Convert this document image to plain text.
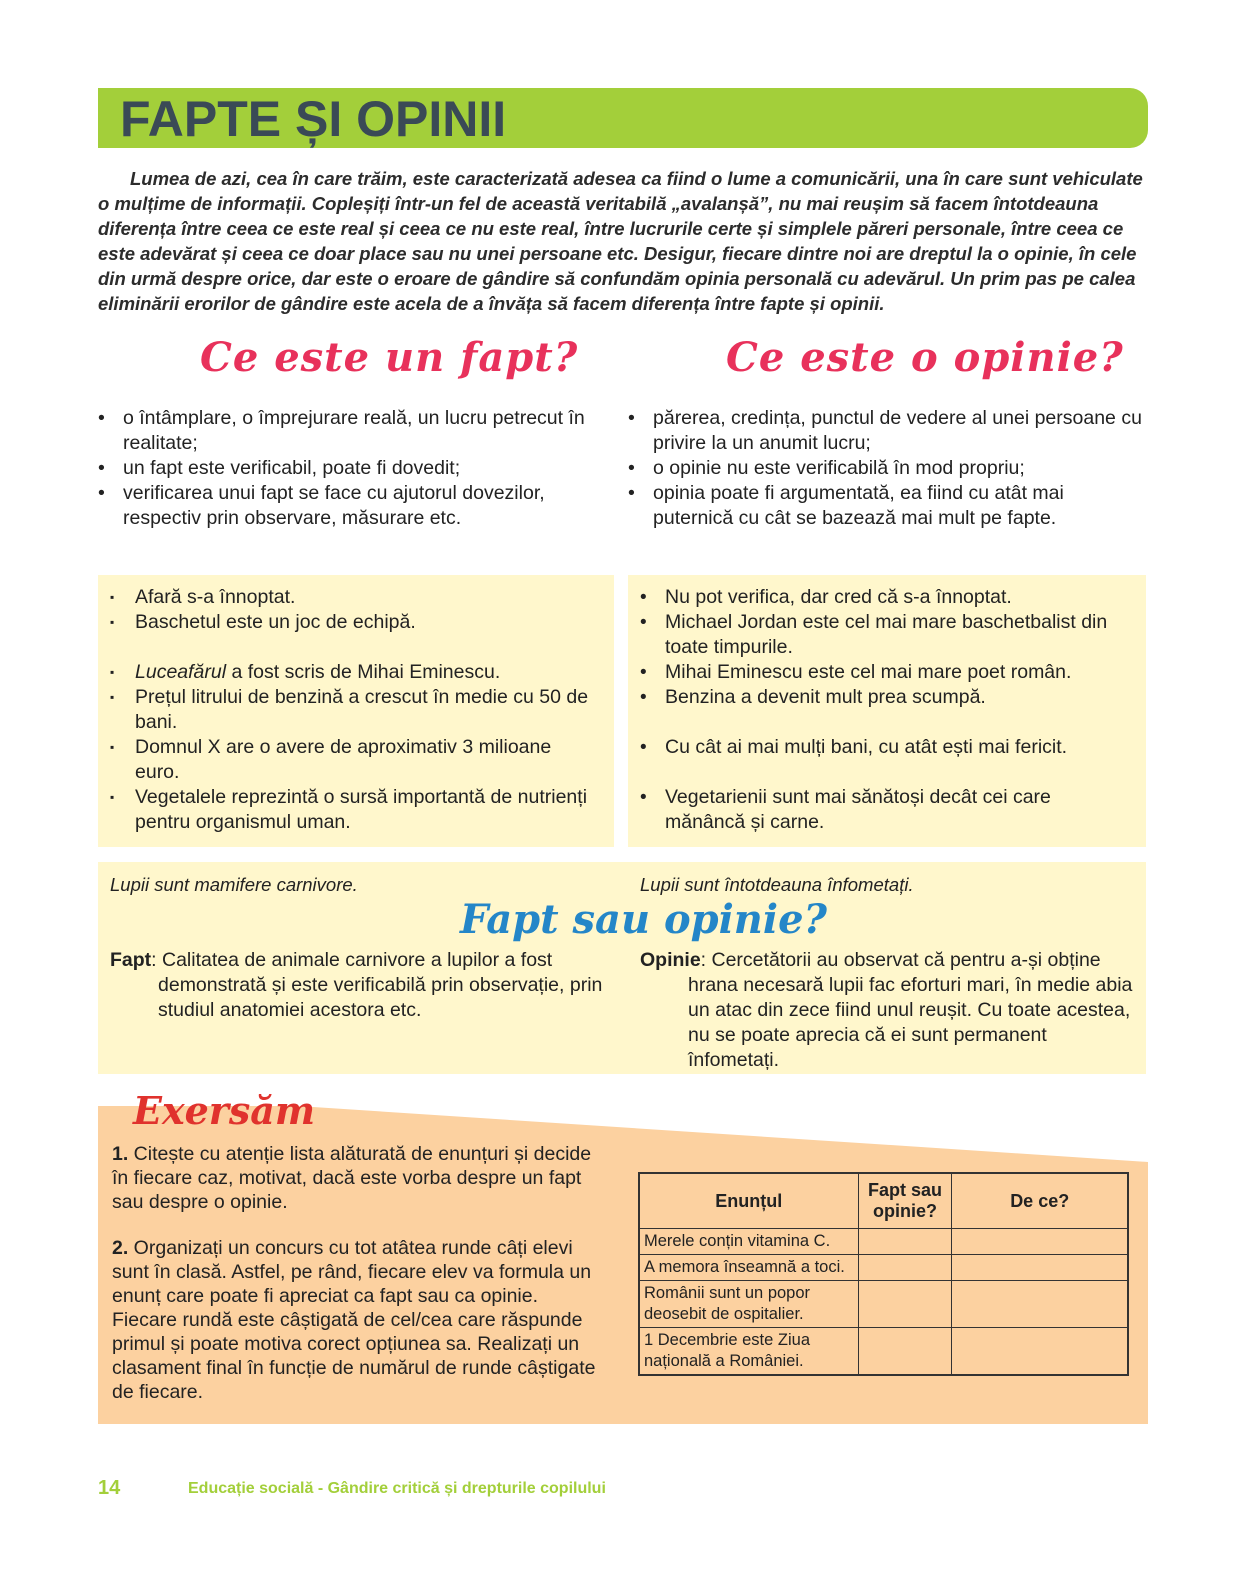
FAPTE ȘI OPINII

Lumea de azi, cea în care trăim, este caracterizată adesea ca fiind o lume a comunicării, una în care sunt vehiculate o mulțime de informații. Copleșiți într-un fel de această veritabilă „avalanșă”, nu mai reușim să facem întotdeauna diferența între ceea ce este real și ceea ce nu este real, între lucrurile certe și simplele păreri personale, între ceea ce este adevărat și ceea ce doar place sau nu unei persoane etc. Desigur, fiecare dintre noi are dreptul la o opinie, în cele din urmă despre orice, dar este o eroare de gândire să confundăm opinia personală cu adevărul. Un prim pas pe calea eliminării erorilor de gândire este acela de a învăța să facem diferența între fapte și opinii.

Ce este un fapt?	Ce este o opinie?
• o întâmplare, o împrejurare reală, un lucru petrecut în realitate;
• un fapt este verificabil, poate fi dovedit;
• verificarea unui fapt se face cu ajutorul dovezilor, respectiv prin observare, măsurare etc.
• părerea, credința, punctul de vedere al unei persoane cu privire la un anumit lucru;
• o opinie nu este verificabilă în mod propriu;
• opinia poate fi argumentată, ea fiind cu atât mai puternică cu cât se bazează mai mult pe fapte.
▪ Afară s-a înnoptat.
▪ Baschetul este un joc de echipă.
▪ Luceafărul a fost scris de Mihai Eminescu.
▪ Prețul litrului de benzină a crescut în medie cu 50 de bani.
▪ Domnul X are o avere de aproximativ 3 milioane euro.
▪ Vegetalele reprezintă o sursă importantă de nutrienți pentru organismul uman.
• Nu pot verifica, dar cred că s-a înnoptat.
• Michael Jordan este cel mai mare baschetbalist din toate timpurile.
• Mihai Eminescu este cel mai mare poet român.
• Benzina a devenit mult prea scumpă.
• Cu cât ai mai mulți bani, cu atât ești mai fericit.
• Vegetarienii sunt mai sănătoși decât cei care mănâncă și carne.
Lupii sunt mamifere carnivore.	Lupii sunt întotdeauna înfometați.
Fapt sau opinie?
Fapt: Calitatea de animale carnivore a lupilor a fost
demonstrată și este verificabilă prin observație, prin studiul anatomiei acestora etc.
Opinie: Cercetătorii au observat că pentru a-și obține
hrana necesară lupii fac eforturi mari, în medie abia un atac din zece fiind unul reușit. Cu toate acestea, nu se poate aprecia că ei sunt permanent înfometați.
Exersăm

1. Citește cu atenție lista alăturată de enunțuri și decide în fiecare caz, motivat, dacă este vorba despre un fapt sau despre o opinie.

2. Organizați un concurs cu tot atâtea runde câți elevi sunt în clasă. Astfel, pe rând, fiecare elev va formula un enunț care poate fi apreciat ca fapt sau ca opinie. Fiecare rundă este câștigată de cel/cea care răspunde primul și poate motiva corect opțiunea sa. Realizați un clasament final în funcție de numărul de runde câștigate de fiecare.

Enunțul	Fapt sau opinie?	De ce?
Merele conțin vitamina C.		
A memora înseamnă a toci.		
Românii sunt un popor deosebit de ospitalier.		
1 Decembrie este Ziua națională a României.		
14	Educație socială - Gândire critică și drepturile copilului
